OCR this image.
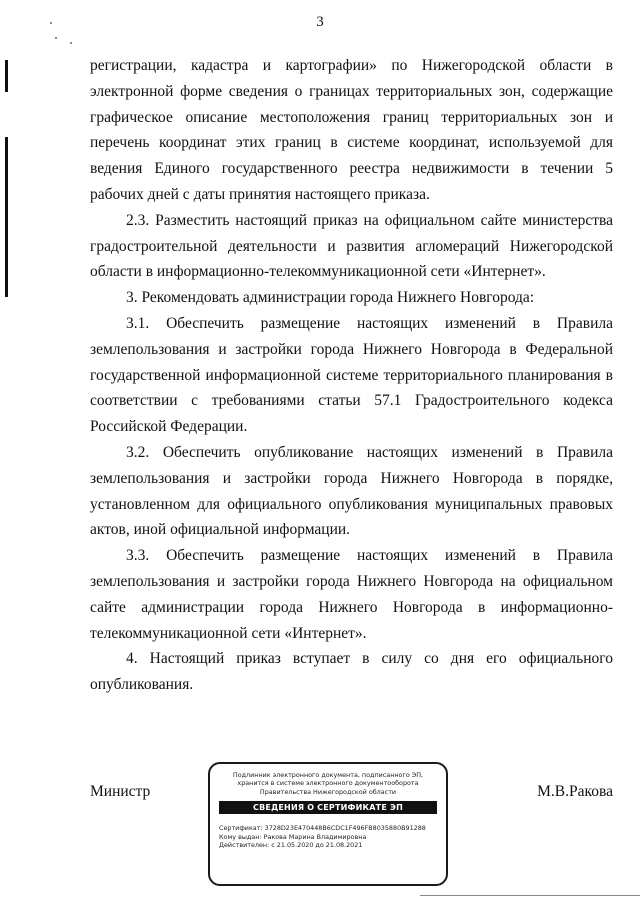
3

регистрации, кадастра и картографии» по Нижегородской области в электронной форме сведения о границах территориальных зон, содержащие графическое описание местоположения границ территориальных зон и перечень координат этих границ в системе координат, используемой для ведения Единого государственного реестра недвижимости в течении 5 рабочих дней с даты принятия настоящего приказа.

2.3. Разместить настоящий приказ на официальном сайте министерства градостроительной деятельности и развития агломераций Нижегородской области в информационно-телекоммуникационной сети «Интернет».

3. Рекомендовать администрации города Нижнего Новгорода:

3.1. Обеспечить размещение настоящих изменений в Правила землепользования и застройки города Нижнего Новгорода в Федеральной государственной информационной системе территориального планирования в соответствии с требованиями статьи 57.1 Градостроительного кодекса Российской Федерации.

3.2. Обеспечить опубликование настоящих изменений в Правила землепользования и застройки города Нижнего Новгорода в порядке, установленном для официального опубликования муниципальных правовых актов, иной официальной информации.

3.3. Обеспечить размещение настоящих изменений в Правила землепользования и застройки города Нижнего Новгорода на официальном сайте администрации города Нижнего Новгорода в информационно-телекоммуникационной сети «Интернет».

4. Настоящий приказ вступает в силу со дня его официального опубликования.

Министр	М.В.Ракова
Подлинник электронного документа, подписанного ЭП, хранится в системе электронного документооборота Правительства Нижегородской области
СВЕДЕНИЯ О СЕРТИФИКАТЕ ЭП
Сертификат: 3728D23E470448B6CDC1F496FB8035880B91288
Кому выдан: Ракова Марина Владимировна
Действителен: с 21.05.2020 до 21.08.2021
